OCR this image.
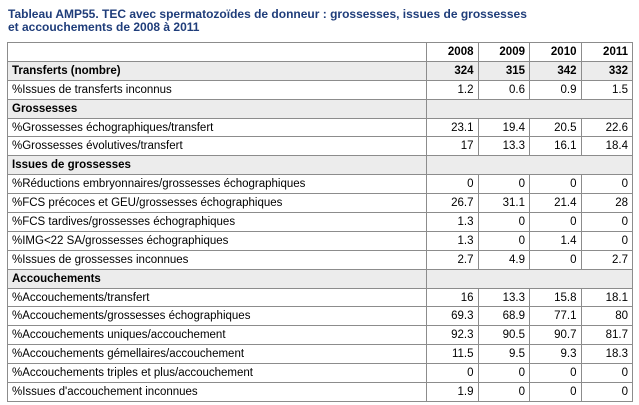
Tableau AMP55. TEC avec spermatozoïdes de donneur : grossesses, issues de grossesses
et accouchements de 2008 à 2011
	2008	2009	2010	2011
Transferts (nombre)	324	315	342	332
%Issues de transferts inconnus	1.2	0.6	0.9	1.5
Grossesses				
%Grossesses échographiques/transfert	23.1	19.4	20.5	22.6
%Grossesses évolutives/transfert	17	13.3	16.1	18.4
Issues de grossesses				
%Réductions embryonnaires/grossesses échographiques	0	0	0	0
%FCS précoces et GEU/grossesses échographiques	26.7	31.1	21.4	28
%FCS tardives/grossesses échographiques	1.3	0	0	0
%IMG<22 SA/grossesses échographiques	1.3	0	1.4	0
%Issues de grossesses inconnues	2.7	4.9	0	2.7
Accouchements				
%Accouchements/transfert	16	13.3	15.8	18.1
%Accouchements/grossesses échographiques	69.3	68.9	77.1	80
%Accouchements uniques/accouchement	92.3	90.5	90.7	81.7
%Accouchements gémellaires/accouchement	11.5	9.5	9.3	18.3
%Accouchements triples et plus/accouchement	0	0	0	0
%Issues d'accouchement inconnues	1.9	0	0	0
